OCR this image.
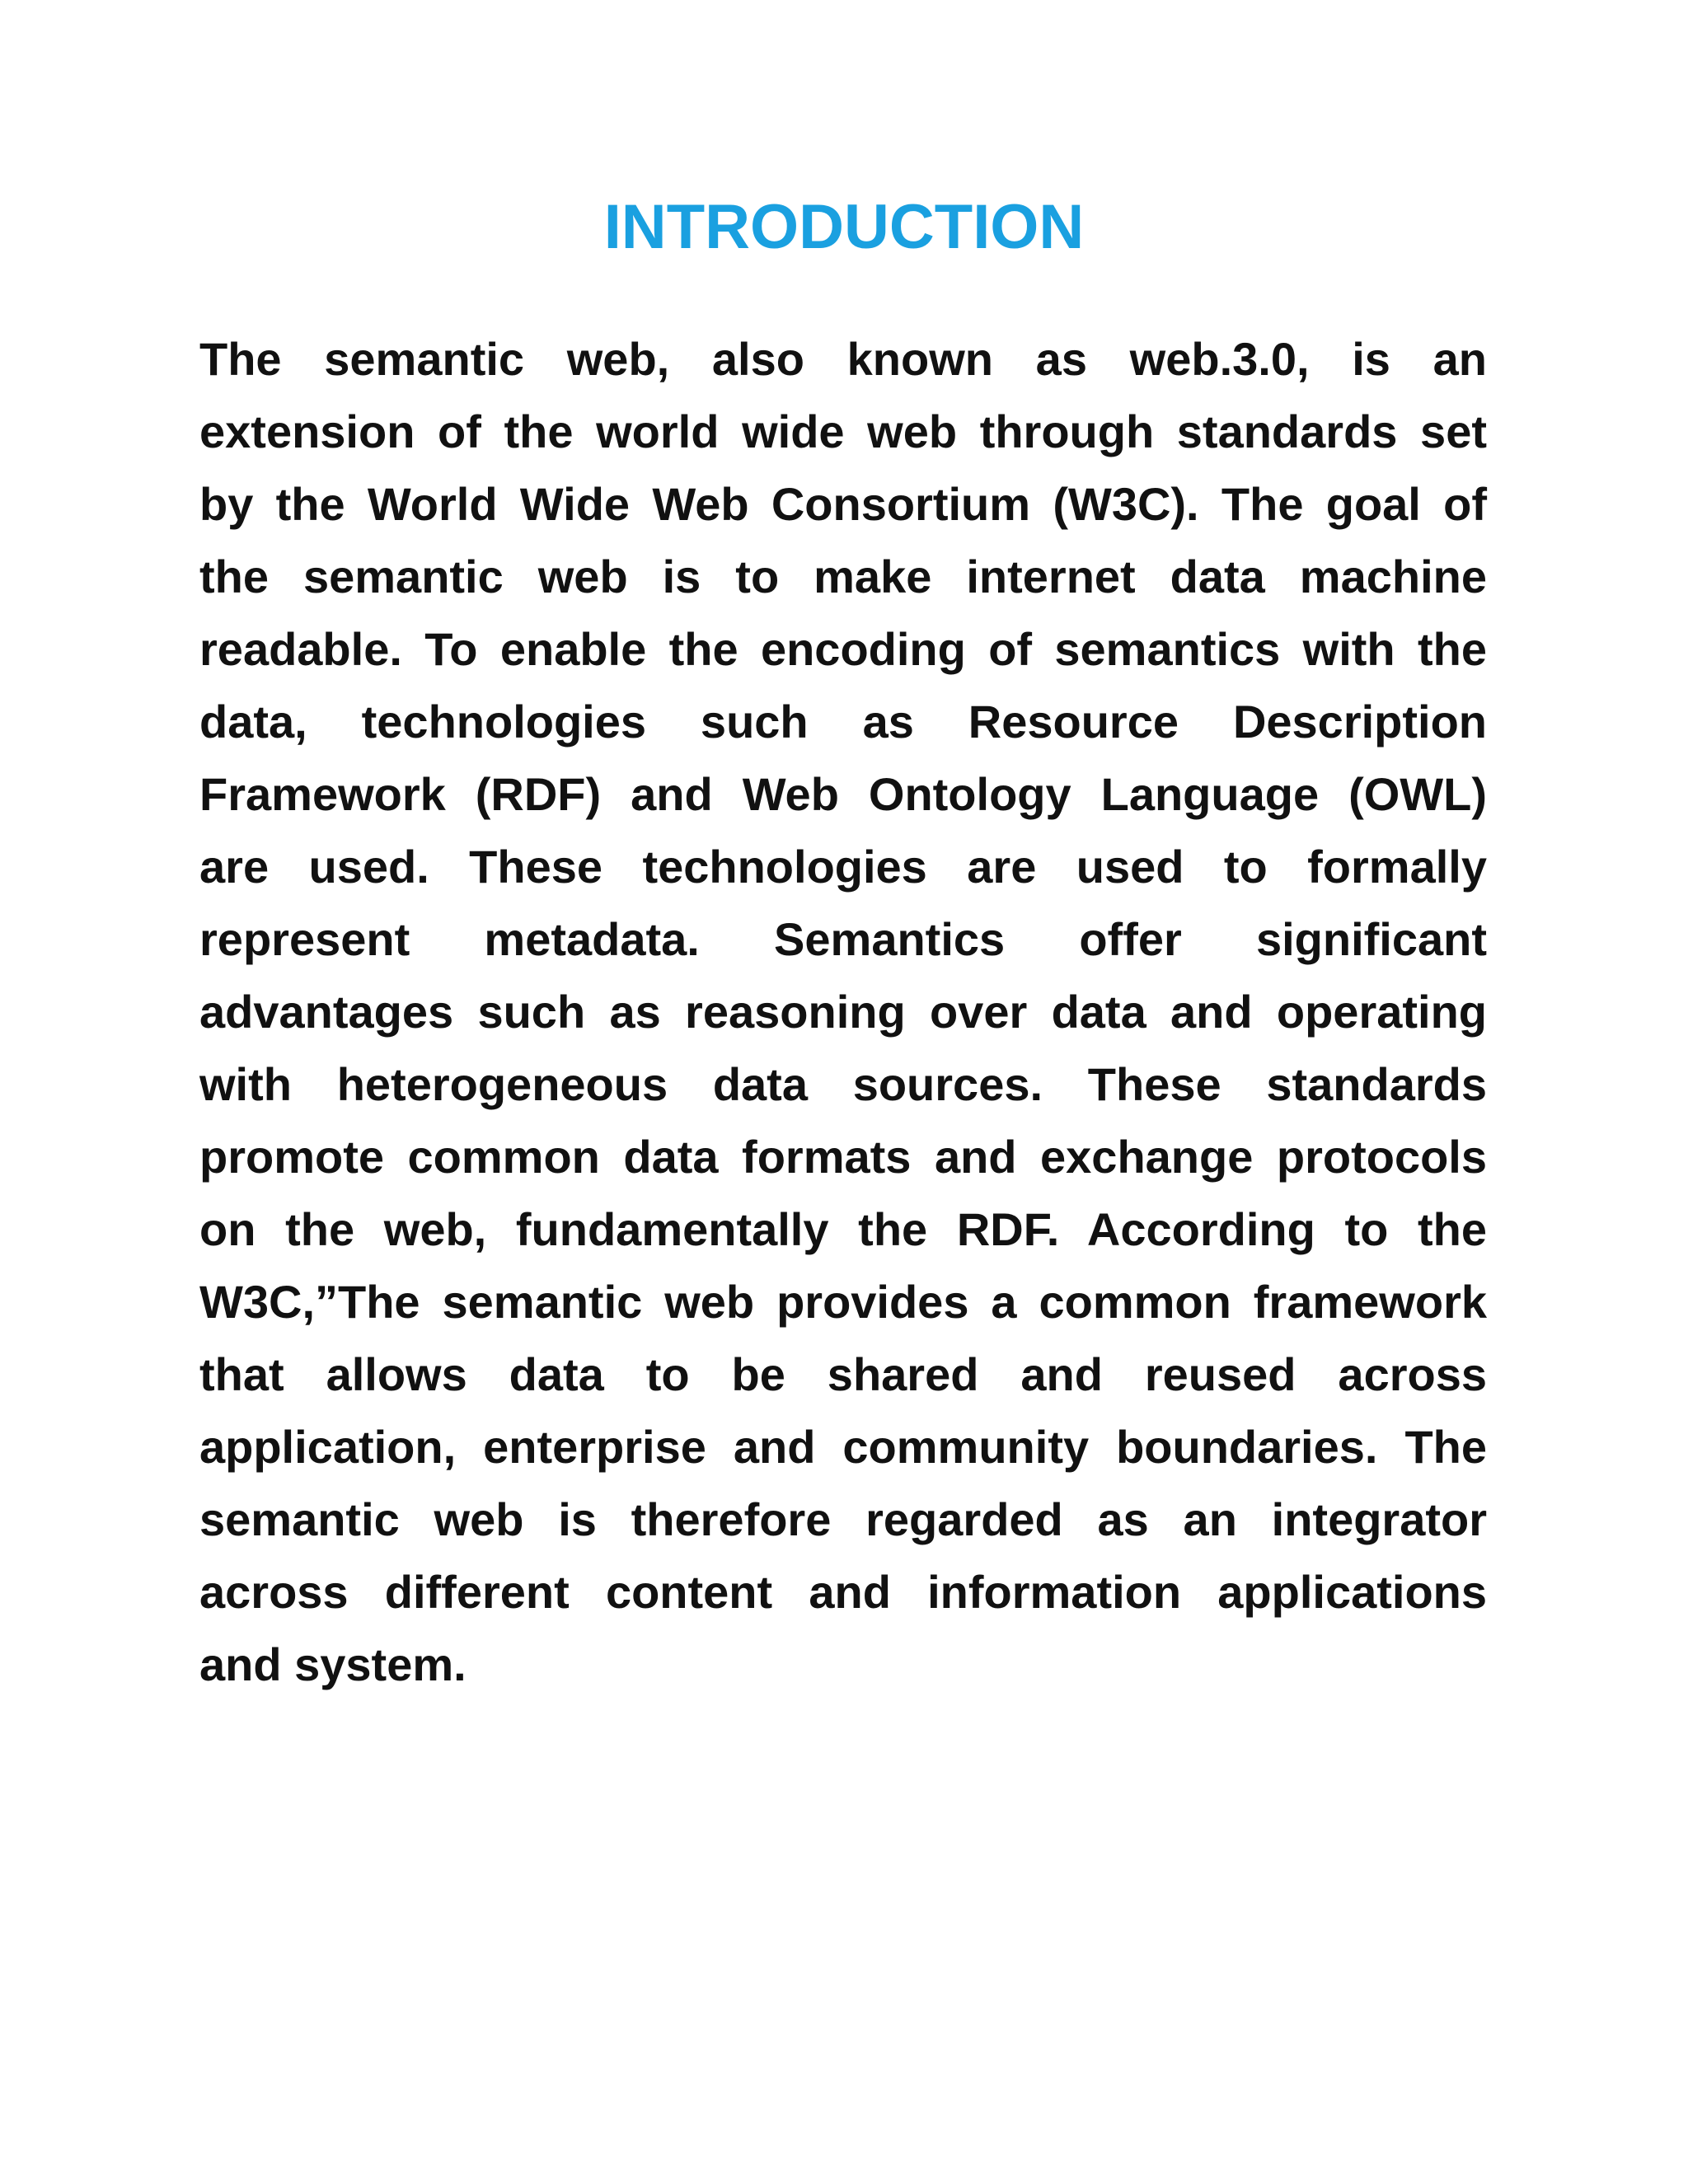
INTRODUCTION
The semantic web, also known as web.3.0, is an
extension of the world wide web through standards set
by the World Wide Web Consortium (W3C). The goal of
the semantic web is to make internet data machine
readable. To enable the encoding of semantics with the
data, technologies such as Resource Description
Framework (RDF) and Web Ontology Language (OWL)
are used. These technologies are used to formally
represent metadata. Semantics offer significant
advantages such as reasoning over data and operating
with heterogeneous data sources. These standards
promote common data formats and exchange protocols
on the web, fundamentally the RDF. According to the
W3C,”The semantic web provides a common framework
that allows data to be shared and reused across
application, enterprise and community boundaries. The
semantic web is therefore regarded as an integrator
across different content and information applications
and system.
